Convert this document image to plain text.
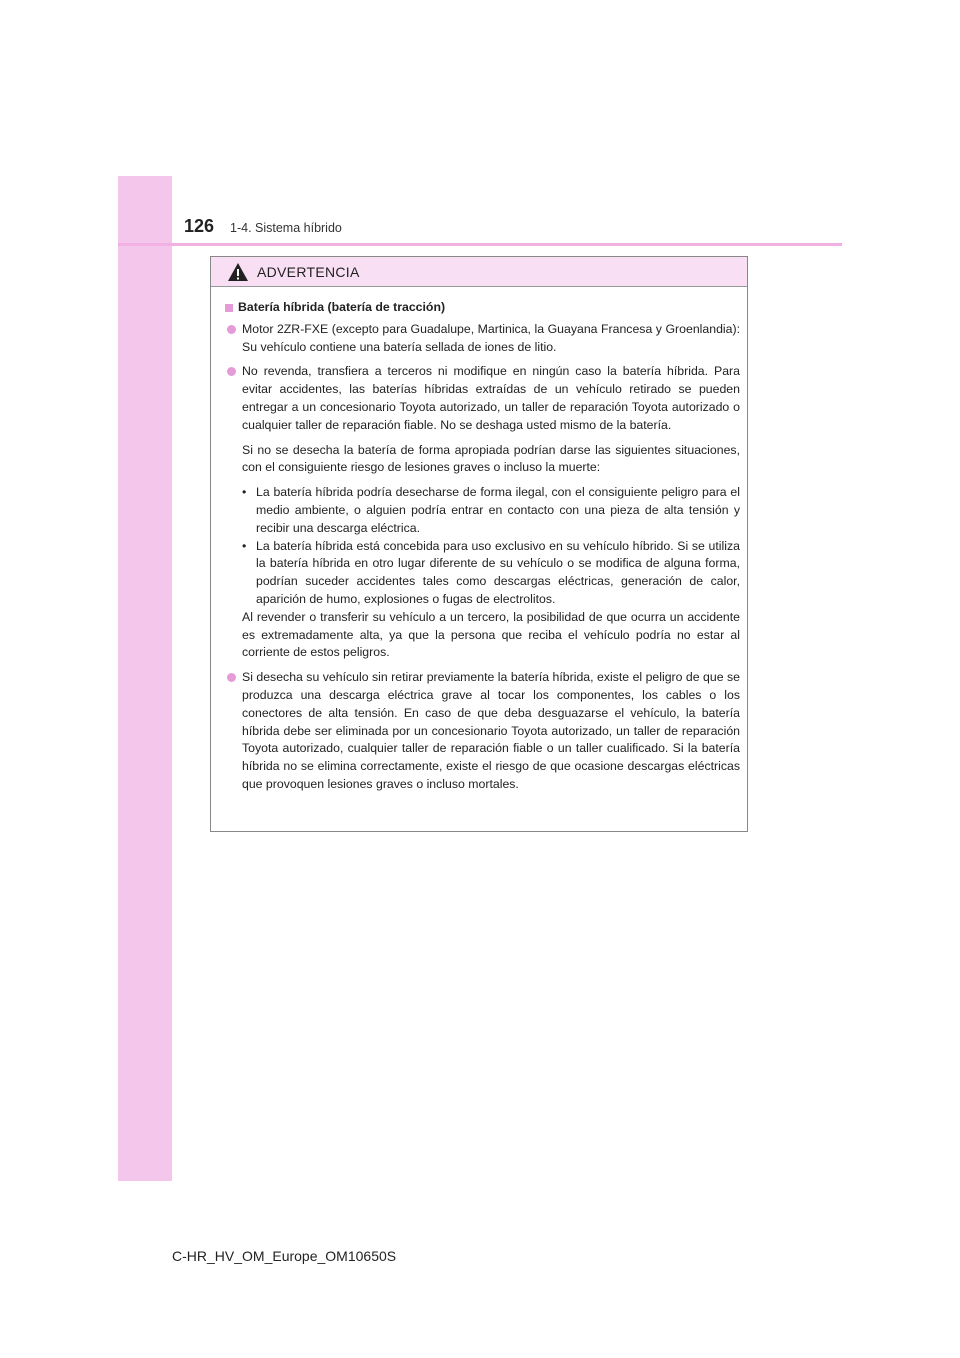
126 1-4. Sistema híbrido
ADVERTENCIA
Batería híbrida (batería de tracción)
Motor 2ZR-FXE (excepto para Guadalupe, Martinica, la Guayana Francesa y Groenlandia): Su vehículo contiene una batería sellada de iones de litio.
No revenda, transfiera a terceros ni modifique en ningún caso la batería híbrida. Para evitar accidentes, las baterías híbridas extraídas de un vehículo retirado se pueden entregar a un concesionario Toyota autorizado, un taller de reparación Toyota autorizado o cualquier taller de reparación fiable. No se deshaga usted mismo de la batería.
Si no se desecha la batería de forma apropiada podrían darse las siguientes situaciones, con el consiguiente riesgo de lesiones graves o incluso la muerte:
• La batería híbrida podría desecharse de forma ilegal, con el consiguiente peligro para el medio ambiente, o alguien podría entrar en contacto con una pieza de alta tensión y recibir una descarga eléctrica.
• La batería híbrida está concebida para uso exclusivo en su vehículo híbrido. Si se utiliza la batería híbrida en otro lugar diferente de su vehículo o se modifica de alguna forma, podrían suceder accidentes tales como descargas eléctricas, generación de calor, aparición de humo, explosiones o fugas de electrolitos.
Al revender o transferir su vehículo a un tercero, la posibilidad de que ocurra un accidente es extremadamente alta, ya que la persona que reciba el vehículo podría no estar al corriente de estos peligros.
Si desecha su vehículo sin retirar previamente la batería híbrida, existe el peligro de que se produzca una descarga eléctrica grave al tocar los componentes, los cables o los conectores de alta tensión. En caso de que deba desguazarse el vehículo, la batería híbrida debe ser eliminada por un concesionario Toyota autorizado, un taller de reparación Toyota autorizado, cualquier taller de reparación fiable o un taller cualificado. Si la batería híbrida no se elimina correctamente, existe el riesgo de que ocasione descargas eléctricas que provoquen lesiones graves o incluso mortales.
C-HR_HV_OM_Europe_OM10650S
